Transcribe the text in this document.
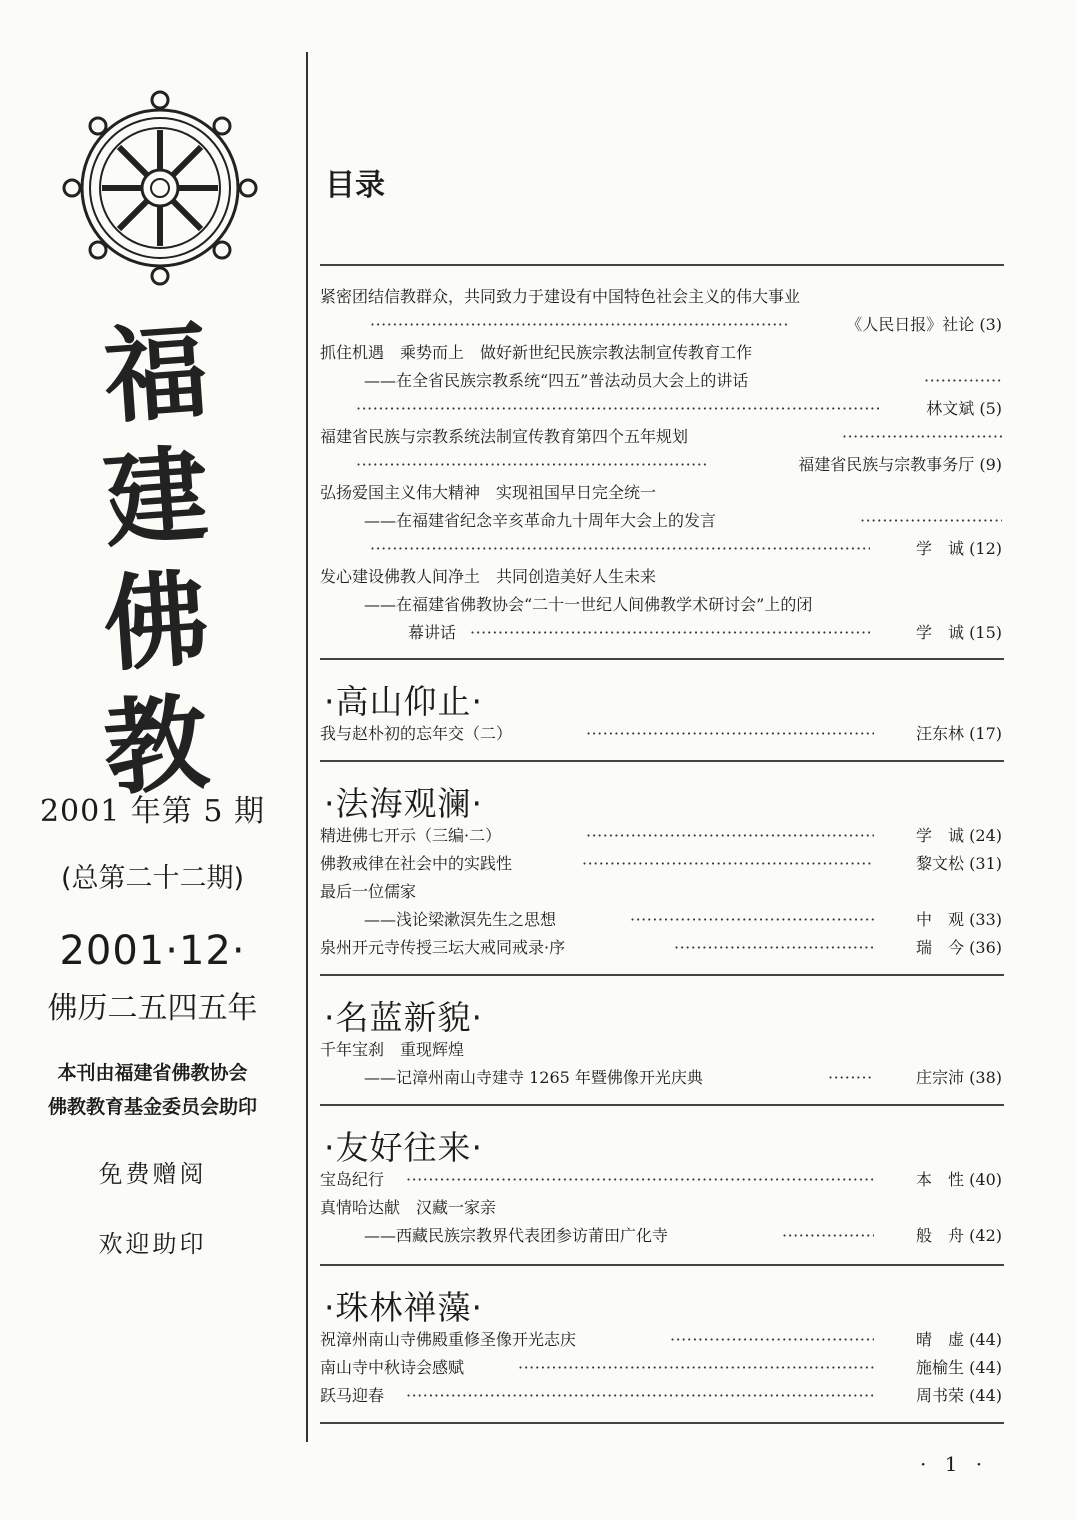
福
建
佛
教
2001 年第 5 期
(总第二十二期)
2001·12·
佛历二五四五年
本刊由福建省佛教协会
佛教教育基金委员会助印
免费赠阅
欢迎助印
目录
紧密团结信教群众，共同致力于建设有中国特色社会主义的伟大事业
·····
《人民日报》社论 (3)
抓住机遇　乘势而上　做好新世纪民族宗教法制宣传教育工作
——在全省民族宗教系统“四五”普法动员大会上的讲话
·····
·····
林文斌 (5)
福建省民族与宗教系统法制宣传教育第四个五年规划
·····
·····
福建省民族与宗教事务厅 (9)
弘扬爱国主义伟大精神　实现祖国早日完全统一
——在福建省纪念辛亥革命九十周年大会上的发言
·····
·····
学　诚 (12)
发心建设佛教人间净土　共同创造美好人生未来
——在福建省佛教协会“二十一世纪人间佛教学术研讨会”上的闭
幕讲话 ·····	学　诚 (15)
·高山仰止·
我与赵朴初的忘年交（二） ·····	汪东林 (17)
·法海观澜·
精进佛七开示（三编·二） ·····	学　诚 (24)
佛教戒律在社会中的实践性 ·····	黎文松 (31)
最后一位儒家
——浅论梁漱溟先生之思想 ·····	中　观 (33)
泉州开元寺传授三坛大戒同戒录·序 ·····	瑞　今 (36)
·名蓝新貌·
千年宝刹　重现辉煌
——记漳州南山寺建寺 1265 年暨佛像开光庆典 ·····	庄宗沛 (38)
·友好往来·
宝岛纪行 ·····	本　性 (40)
真情哈达献　汉藏一家亲
——西藏民族宗教界代表团参访莆田广化寺 ·····	般　舟 (42)
·珠林禅藻·
祝漳州南山寺佛殿重修圣像开光志庆 ·····	晴　虚 (44)
南山寺中秋诗会感赋 ·····	施榆生 (44)
跃马迎春 ·····	周书荣 (44)
· 1 ·
